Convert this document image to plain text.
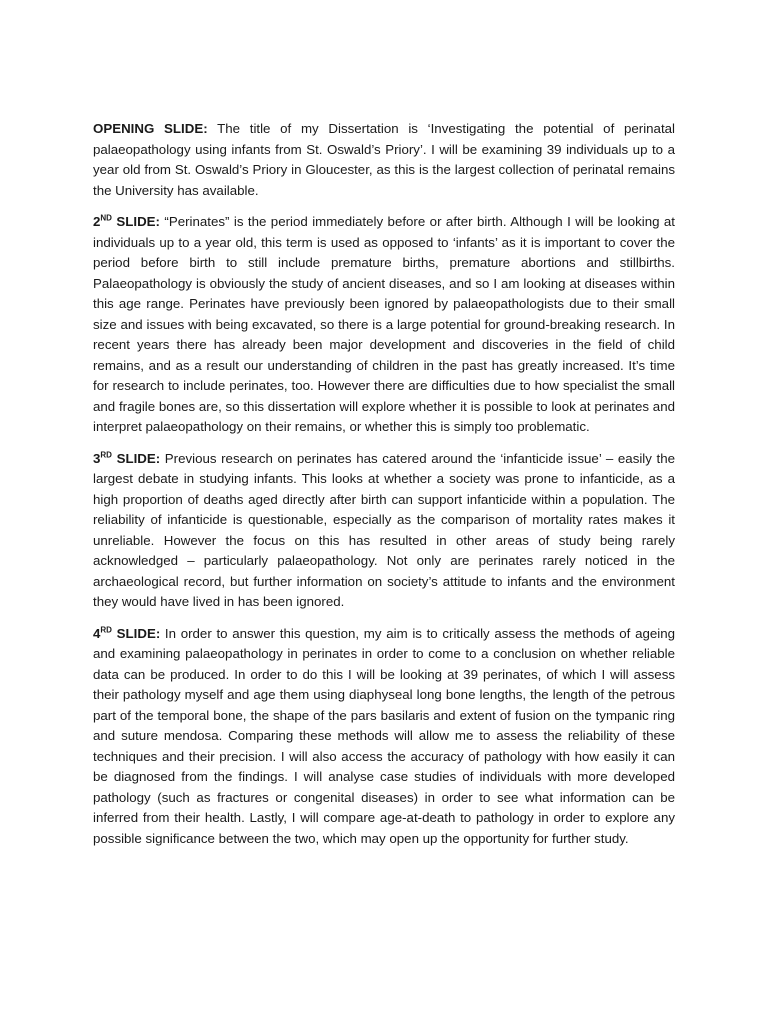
OPENING SLIDE: The title of my Dissertation is ‘Investigating the potential of perinatal palaeopathology using infants from St. Oswald’s Priory’. I will be examining 39 individuals up to a year old from St. Oswald’s Priory in Gloucester, as this is the largest collection of perinatal remains the University has available.

2ND SLIDE: “Perinates” is the period immediately before or after birth. Although I will be looking at individuals up to a year old, this term is used as opposed to ‘infants’ as it is important to cover the period before birth to still include premature births, premature abortions and stillbirths. Palaeopathology is obviously the study of ancient diseases, and so I am looking at diseases within this age range. Perinates have previously been ignored by palaeopathologists due to their small size and issues with being excavated, so there is a large potential for ground-breaking research. In recent years there has already been major development and discoveries in the field of child remains, and as a result our understanding of children in the past has greatly increased. It’s time for research to include perinates, too. However there are difficulties due to how specialist the small and fragile bones are, so this dissertation will explore whether it is possible to look at perinates and interpret palaeopathology on their remains, or whether this is simply too problematic.

3RD SLIDE: Previous research on perinates has catered around the ‘infanticide issue’ – easily the largest debate in studying infants. This looks at whether a society was prone to infanticide, as a high proportion of deaths aged directly after birth can support infanticide within a population. The reliability of infanticide is questionable, especially as the comparison of mortality rates makes it unreliable. However the focus on this has resulted in other areas of study being rarely acknowledged – particularly palaeopathology. Not only are perinates rarely noticed in the archaeological record, but further information on society’s attitude to infants and the environment they would have lived in has been ignored.

4RD SLIDE: In order to answer this question, my aim is to critically assess the methods of ageing and examining palaeopathology in perinates in order to come to a conclusion on whether reliable data can be produced. In order to do this I will be looking at 39 perinates, of which I will assess their pathology myself and age them using diaphyseal long bone lengths, the length of the petrous part of the temporal bone, the shape of the pars basilaris and extent of fusion on the tympanic ring and suture mendosa. Comparing these methods will allow me to assess the reliability of these techniques and their precision. I will also access the accuracy of pathology with how easily it can be diagnosed from the findings. I will analyse case studies of individuals with more developed pathology (such as fractures or congenital diseases) in order to see what information can be inferred from their health. Lastly, I will compare age-at-death to pathology in order to explore any possible significance between the two, which may open up the opportunity for further study.
